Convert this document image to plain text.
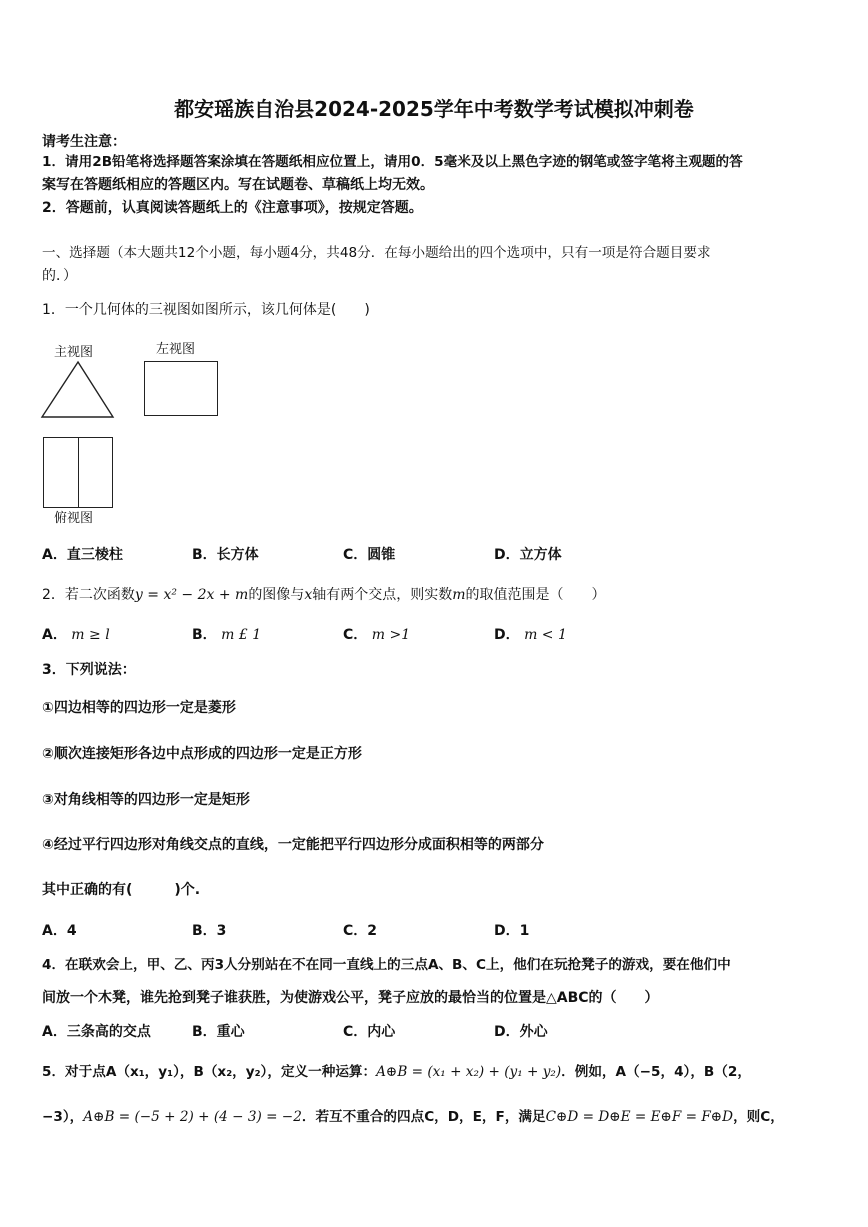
都安瑶族自治县2024-2025学年中考数学考试模拟冲刺卷
请考生注意：
1．请用2B铅笔将选择题答案涂填在答题纸相应位置上，请用0．5毫米及以上黑色字迹的钢笔或签字笔将主观题的答
案写在答题纸相应的答题区内。写在试题卷、草稿纸上均无效。
2．答题前，认真阅读答题纸上的《注意事项》，按规定答题。
一、选择题（本大题共12个小题，每小题4分，共48分．在每小题给出的四个选项中，只有一项是符合题目要求
的．）
1．一个几何体的三视图如图所示，该几何体是(　　)
主视图	左视图
俯视图
A．直三棱柱	B．长方体	C．圆锥	D．立方体
2．若二次函数y = x² − 2x + m的图像与x轴有两个交点，则实数m的取值范围是（　　）
A． m ≥ l	B． m £ 1	C． m >1	D． m < 1
3．下列说法：
①四边相等的四边形一定是菱形
②顺次连接矩形各边中点形成的四边形一定是正方形
③对角线相等的四边形一定是矩形
④经过平行四边形对角线交点的直线，一定能把平行四边形分成面积相等的两部分
其中正确的有(　　　)个.
A．4	B．3	C．2	D．1
4．在联欢会上，甲、乙、丙3人分别站在不在同一直线上的三点A、B、C上，他们在玩抢凳子的游戏，要在他们中
间放一个木凳，谁先抢到凳子谁获胜，为使游戏公平，凳子应放的最恰当的位置是△ABC的（　　）
A．三条高的交点	B．重心	C．内心	D．外心
5．对于点A（x₁，y₁），B（x₂，y₂），定义一种运算：A⊕B = (x₁ + x₂) + (y₁ + y₂)．例如，A（−5，4），B（2，
−3），A⊕B = (−5 + 2) + (4 − 3) = −2．若互不重合的四点C，D，E，F，满足C⊕D = D⊕E = E⊕F = F⊕D，则C，
